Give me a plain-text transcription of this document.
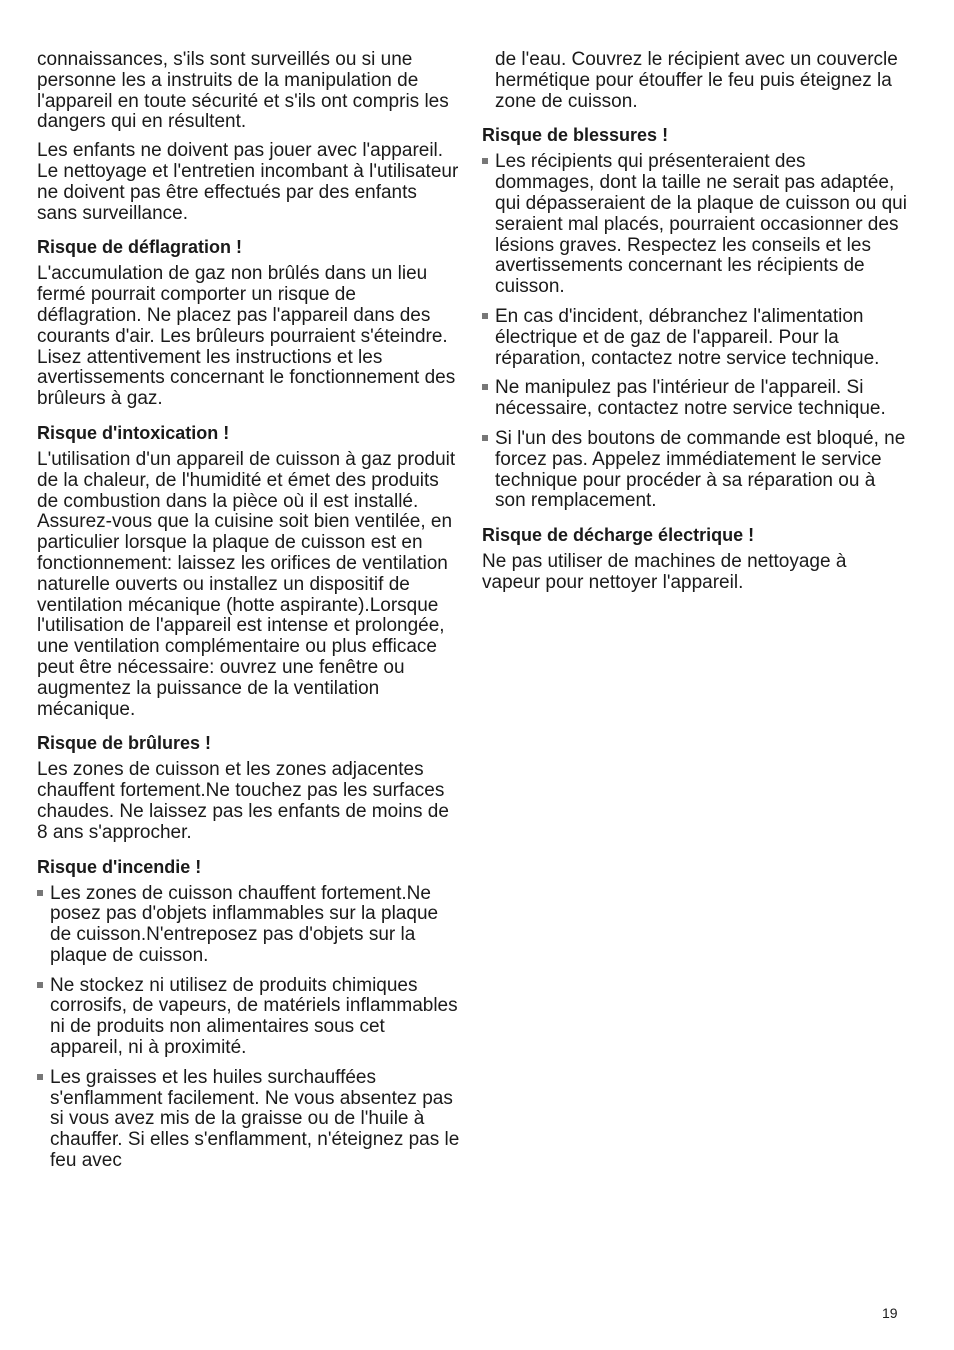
connaissances, s'ils sont surveillés ou si une personne les a instruits de la manipulation de l'appareil en toute sécurité et s'ils ont compris les dangers qui en résultent.

Les enfants ne doivent pas jouer avec l'appareil. Le nettoyage et l'entretien incombant à l'utilisateur ne doivent pas être effectués par des enfants sans surveillance.

Risque de déflagration !

L'accumulation de gaz non brûlés dans un lieu fermé pourrait comporter un risque de déflagration. Ne placez pas l'appareil dans des courants d'air. Les brûleurs pourraient s'éteindre. Lisez attentivement les instructions et les avertissements concernant le fonctionnement des brûleurs à gaz.

Risque d'intoxication !

L'utilisation d'un appareil de cuisson à gaz produit de la chaleur, de l'humidité et émet des produits de combustion dans la pièce où il est installé. Assurez-vous que la cuisine soit bien ventilée, en particulier lorsque la plaque de cuisson est en fonctionnement: laissez les orifices de ventilation naturelle ouverts ou installez un dispositif de ventilation mécanique (hotte aspirante).Lorsque l'utilisation de l'appareil est intense et prolongée, une ventilation complémentaire ou plus efficace peut être nécessaire: ouvrez une fenêtre ou augmentez la puissance de la ventilation mécanique.

Risque de brûlures !

Les zones de cuisson et les zones adjacentes chauffent fortement.Ne touchez pas les surfaces chaudes. Ne laissez pas les enfants de moins de 8 ans s'approcher.

Risque d'incendie !
Les zones de cuisson chauffent fortement.Ne posez pas d'objets inflammables sur la plaque de cuisson.N'entreposez pas d'objets sur la plaque de cuisson.
Ne stockez ni utilisez de produits chimiques corrosifs, de vapeurs, de matériels inflammables ni de produits non alimentaires sous cet appareil, ni à proximité.
Les graisses et les huiles surchauffées s'enflamment facilement. Ne vous absentez pas si vous avez mis de la graisse ou de l'huile à chauffer. Si elles s'enflamment, n'éteignez pas le feu avec

de l'eau. Couvrez le récipient avec un couvercle hermétique pour étouffer le feu puis éteignez la zone de cuisson.

Risque de blessures !
Les récipients qui présenteraient des dommages, dont la taille ne serait pas adaptée, qui dépasseraient de la plaque de cuisson ou qui seraient mal placés, pourraient occasionner des lésions graves. Respectez les conseils et les avertissements concernant les récipients de cuisson.
En cas d'incident, débranchez l'alimentation électrique et de gaz de l'appareil. Pour la réparation, contactez notre service technique.
Ne manipulez pas l'intérieur de l'appareil. Si nécessaire, contactez notre service technique.
Si l'un des boutons de commande est bloqué, ne forcez pas. Appelez immédiatement le service technique pour procéder à sa réparation ou à son remplacement.
Risque de décharge électrique !

Ne pas utiliser de machines de nettoyage à vapeur pour nettoyer l'appareil.

19
